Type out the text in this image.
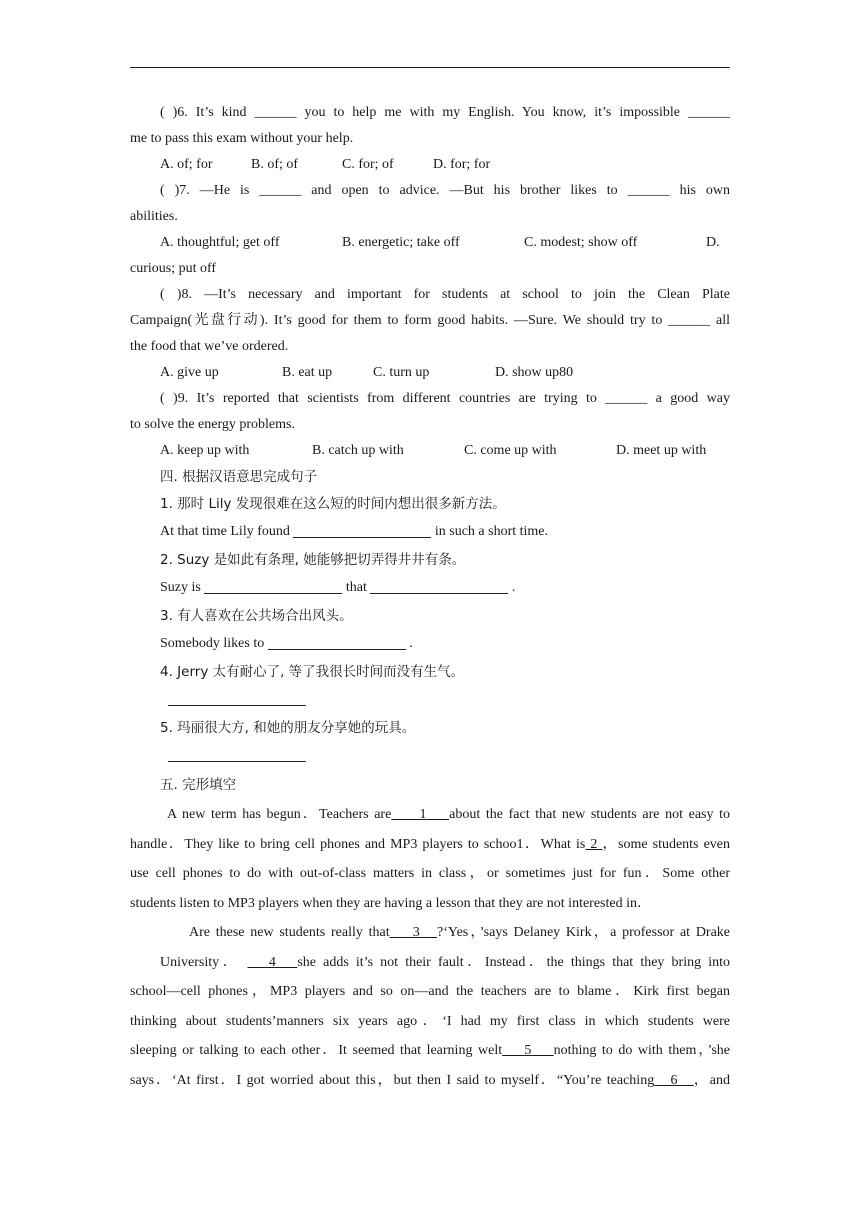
( )6. It’s kind ______ you to help me with my English. You know, it’s impossible ______

me to pass this exam without your help.

A. of; for	B. of; of	C. for; of	D. for; for

( )7. —He is ______ and open to advice. —But his brother likes to ______ his own

abilities.

A. thoughtful; get off	B. energetic; take off	C. modest; show off	D.

curious; put off

( )8. —It’s necessary and important for students at school to join the Clean Plate

Campaign(光盘行动). It’s good for them to form good habits. —Sure. We should try to ______ all

the food that we’ve ordered.

A. give up	B. eat up	C. turn up	D. show up80

( )9. It’s reported that scientists from different countries are trying to ______ a good way

to solve the energy problems.

A. keep up with	B. catch up with	C. come up with	D. meet up with

四. 根据汉语意思完成句子

1. 那时 Lily 发现很难在这么短的时间内想出很多新方法。

At that time Lily found	in such a short time.

2. Suzy 是如此有条理, 她能够把切弄得井井有条。

Suzy is	that	.

3. 有人喜欢在公共场合出风头。

Somebody likes to	.

4. Jerry 太有耐心了, 等了我很长时间而没有生气。

5. 玛丽很大方, 和她的朋友分享她的玩具。

五. 完形填空

A new term has begun．Teachers are 1 about the fact that new students are not easy to

handle．They like to bring cell phones and MP3 players to schoo1．What is 2 ，some students even

use cell phones to do with out-of-class matters in class，or sometimes just for fun．Some other

students listen to MP3 players when they are having a lesson that they are not interested in．

Are these new students really that 3 ?‘Yes，’says Delaney Kirk，a professor at Drake

University． 4 she adds it’s not their fault．Instead．the things that they bring into

school—cell phones，MP3 players and so on—and the teachers are to blame．Kirk first began

thinking about students’manners six years ago．‘I had my first class in which students were

sleeping or talking to each other．It seemed that learning welt 5 nothing to do with them，’she

says．‘At first．I got worried about this，but then I said to myself．“You’re teaching 6 ，and
